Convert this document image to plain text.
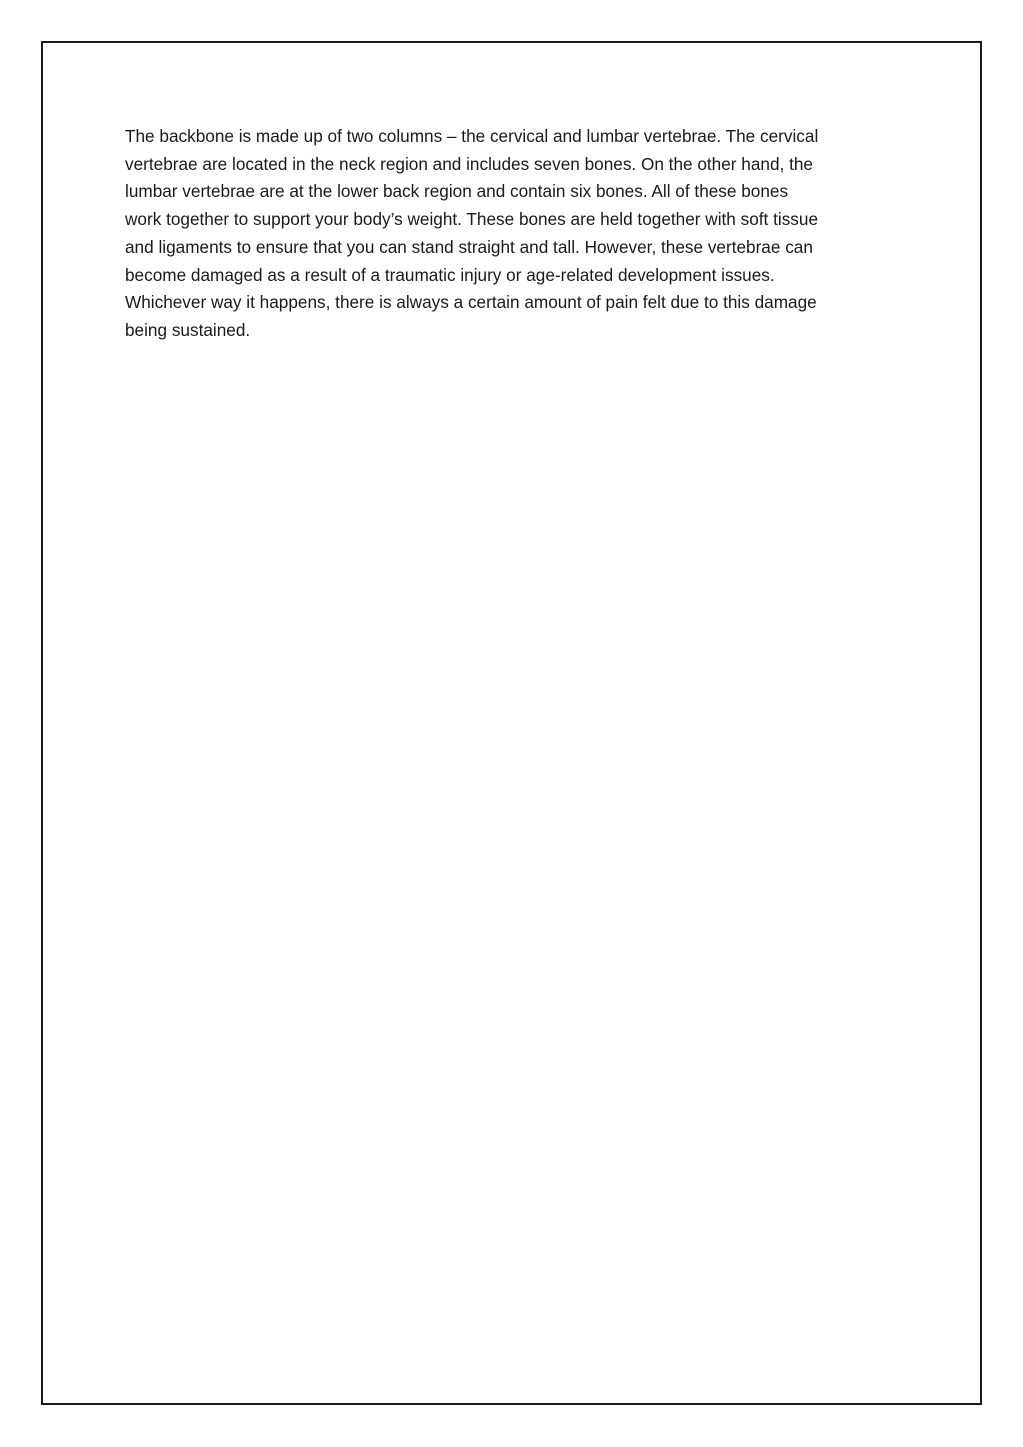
The backbone is made up of two columns – the cervical and lumbar vertebrae. The cervical
vertebrae are located in the neck region and includes seven bones. On the other hand, the
lumbar vertebrae are at the lower back region and contain six bones. All of these bones
work together to support your body’s weight. These bones are held together with soft tissue
and ligaments to ensure that you can stand straight and tall. However, these vertebrae can
become damaged as a result of a traumatic injury or age-related development issues.
Whichever way it happens, there is always a certain amount of pain felt due to this damage
being sustained.
